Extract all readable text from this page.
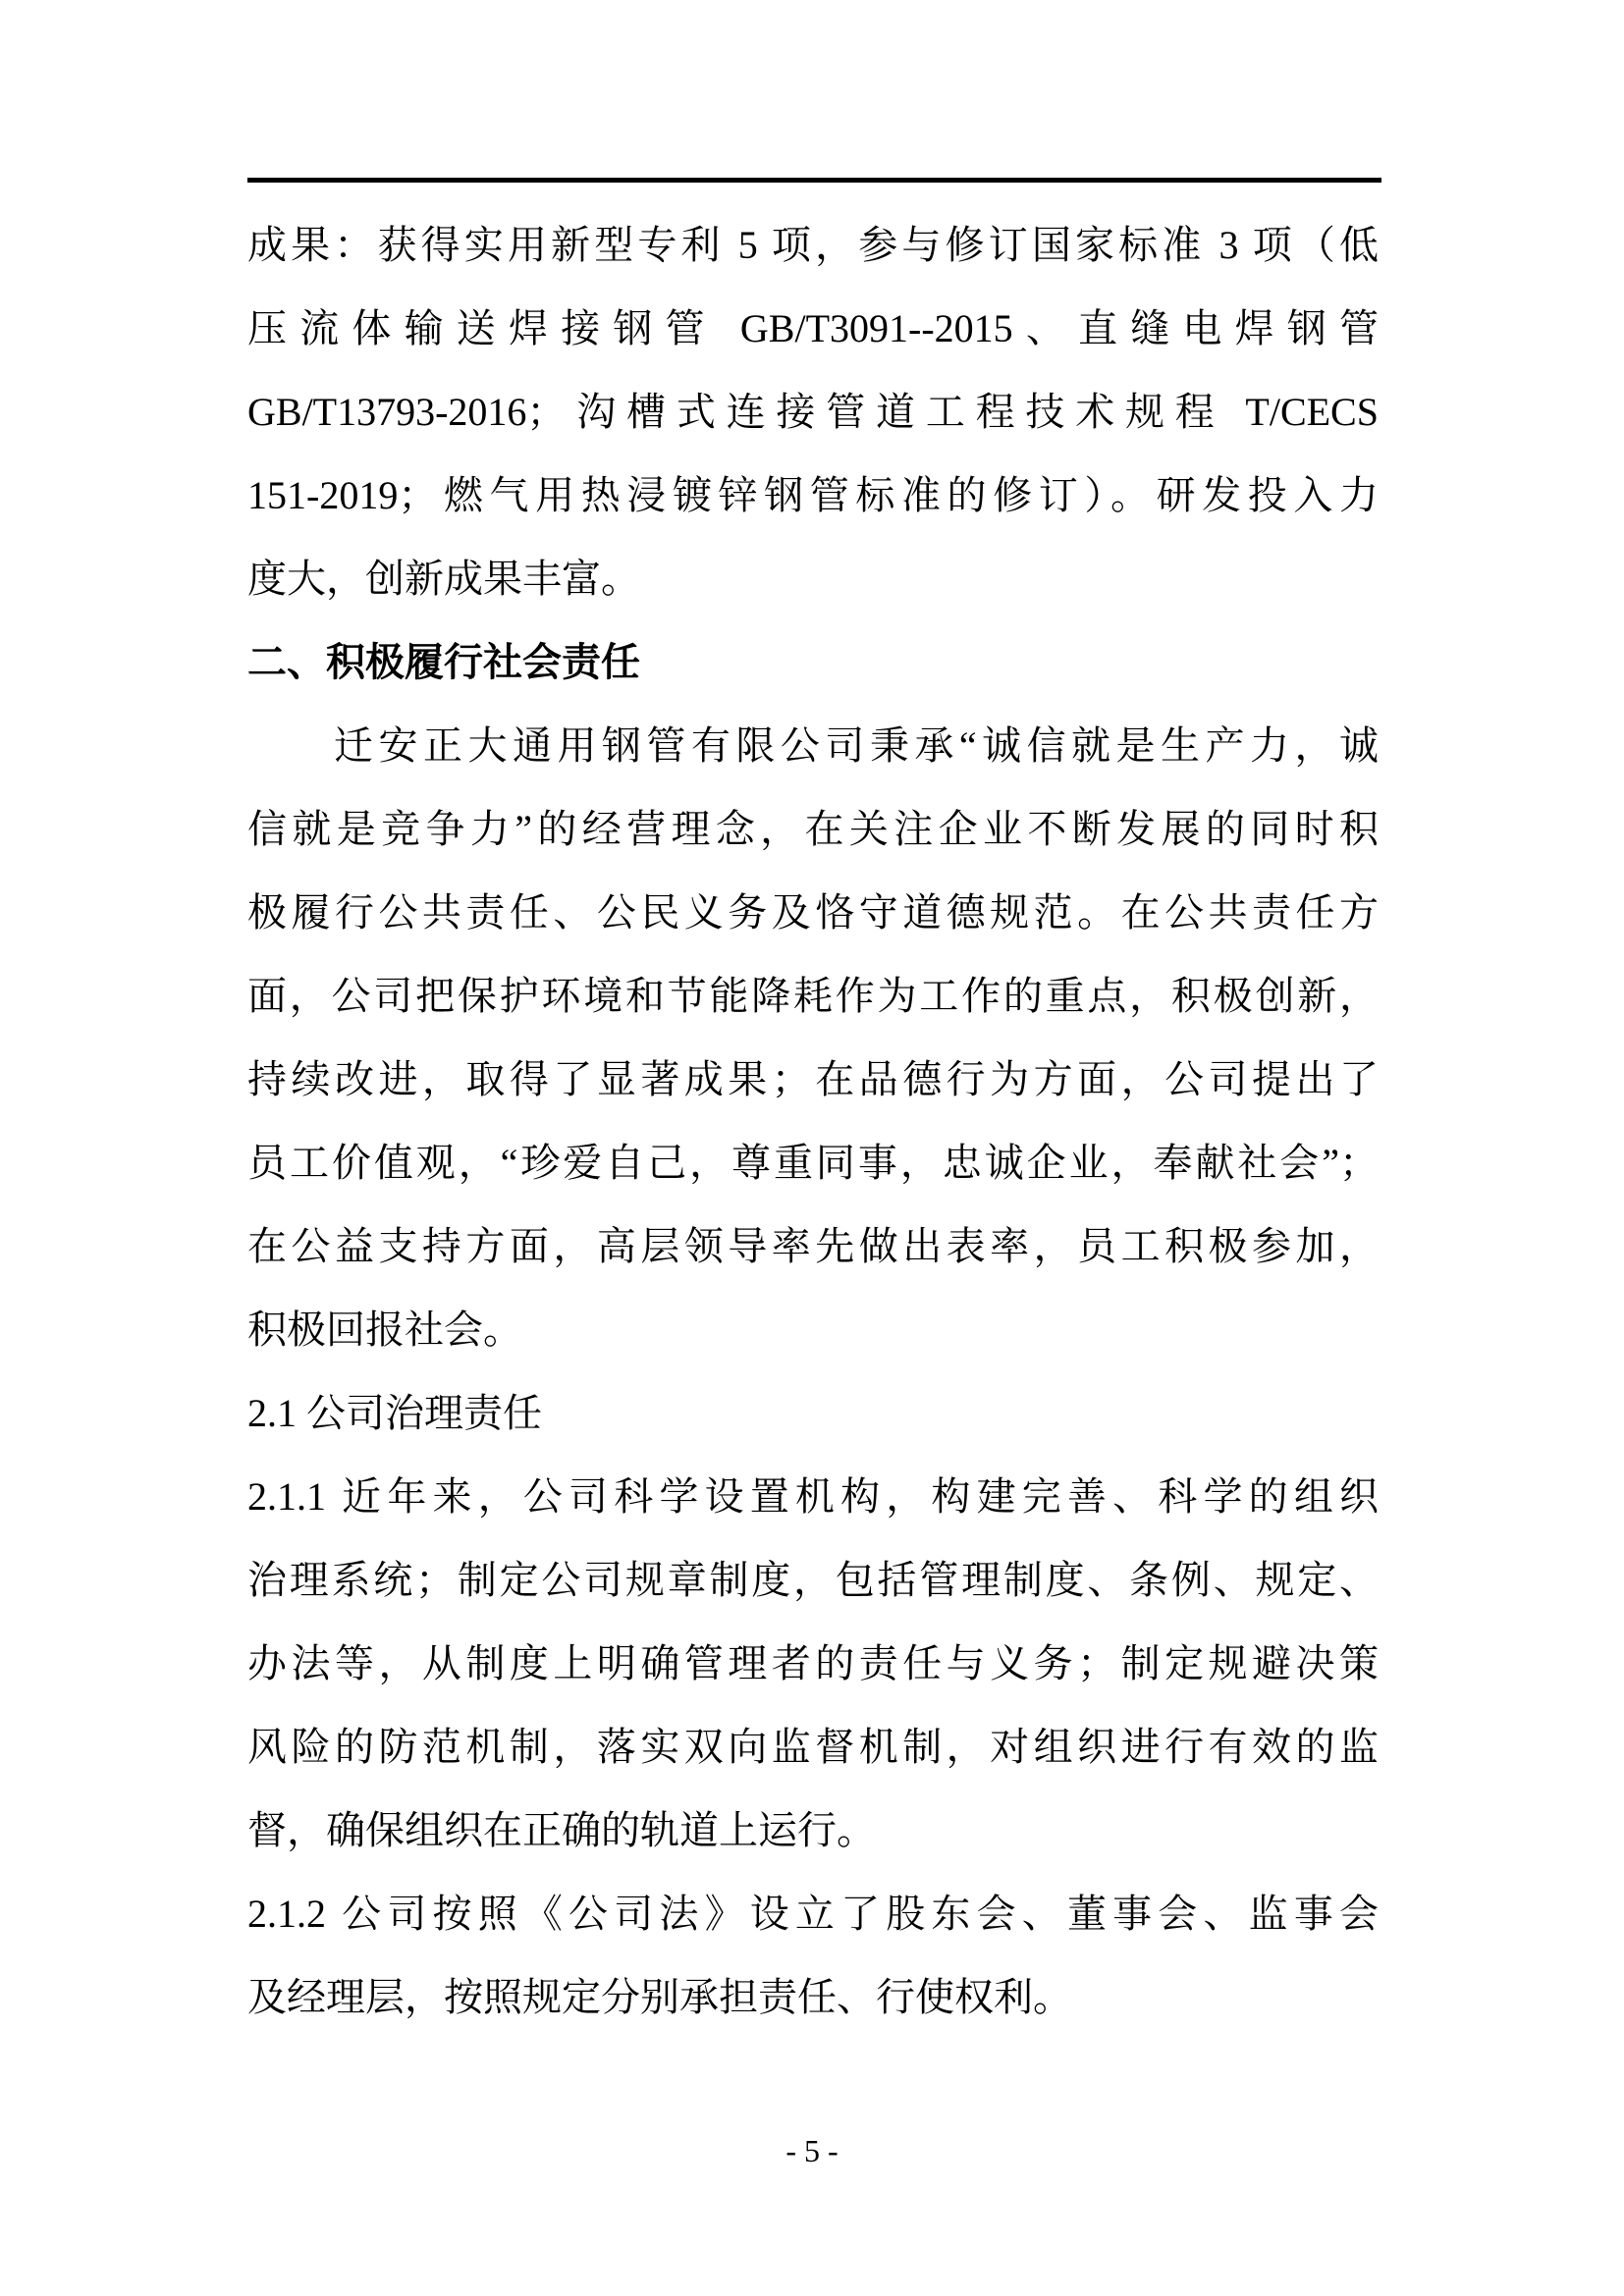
成果：获得实用新型专利 5 项，参与修订国家标准 3 项（低
压流体输送焊接钢管 GB/T3091--2015、直缝电焊钢管
GB/T13793-2016；沟槽式连接管道工程技术规程 T/CECS
151-2019；燃气用热浸镀锌钢管标准的修订）。研发投入力
度大，创新成果丰富。
二、积极履行社会责任
迁安正大通用钢管有限公司秉承“诚信就是生产力，诚
信就是竞争力”的经营理念，在关注企业不断发展的同时积
极履行公共责任、公民义务及恪守道德规范。在公共责任方
面，公司把保护环境和节能降耗作为工作的重点，积极创新，
持续改进，取得了显著成果；在品德行为方面，公司提出了
员工价值观，“珍爱自己，尊重同事，忠诚企业，奉献社会”；
在公益支持方面，高层领导率先做出表率，员工积极参加，
积极回报社会。
2.1 公司治理责任
2.1.1 近年来，公司科学设置机构，构建完善、科学的组织
治理系统；制定公司规章制度，包括管理制度、条例、规定、
办法等，从制度上明确管理者的责任与义务；制定规避决策
风险的防范机制，落实双向监督机制，对组织进行有效的监
督，确保组织在正确的轨道上运行。
2.1.2 公司按照《公司法》设立了股东会、董事会、监事会
及经理层，按照规定分别承担责任、行使权利。
- 5 -
